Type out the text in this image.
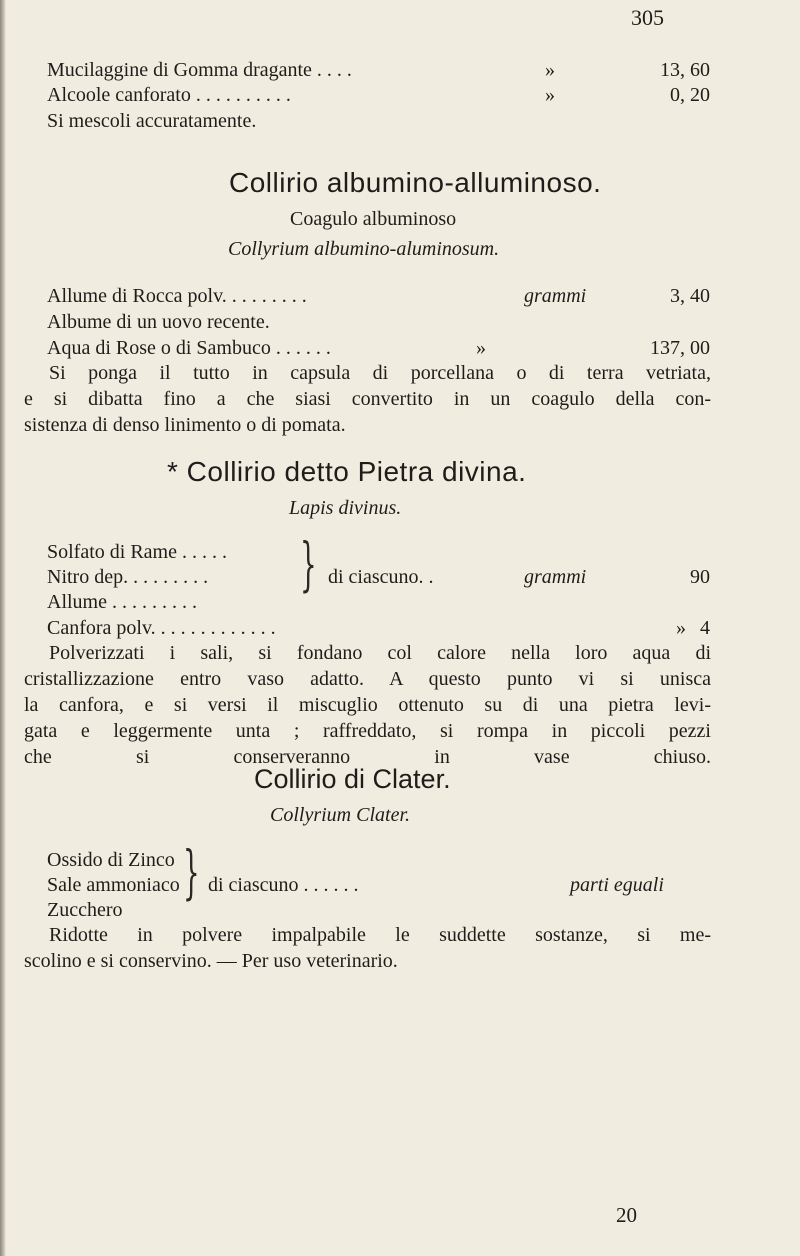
305
Mucilaggine di Gomma dragante . . . .	»	13, 60
Alcoole canforato . . . . . . . . . .	»	0, 20
Si mescoli accuratamente.
Collirio albumino-alluminoso.
Coagulo albuminoso
Collyrium albumino-aluminosum.
Allume di Rocca polv. . . . . . . . .	grammi	3, 40
Albume di un uovo recente.
Aqua di Rose o di Sambuco . . . . . .	»	137, 00
Si ponga il tutto in capsula di porcellana o di terra vetriata,
e si dibatta fino a che siasi convertito in un coagulo della con-
sistenza di denso linimento o di pomata.
* Collirio detto Pietra divina.
Lapis divinus.
Solfato di Rame . . . . .
Nitro dep. . . . . . . . .
Allume . . . . . . . . .
} di ciascuno. .	grammi	90
Canfora polv. . . . . . . . . . . . .	» 4
Polverizzati i sali, si fondano col calore nella loro aqua di
cristallizzazione entro vaso adatto. A questo punto vi si unisca
la canfora, e si versi il miscuglio ottenuto su di una pietra levi-
gata e leggermente unta ; raffreddato, si rompa in piccoli pezzi
che si conserveranno in vase chiuso.
Collirio di Clater.
Collyrium Clater.
Ossido di Zinco
Sale ammoniaco
Zucchero
} di ciascuno . . . . . .	parti eguali
Ridotte in polvere impalpabile le suddette sostanze, si me-
scolino e si conservino. — Per uso veterinario.
20
